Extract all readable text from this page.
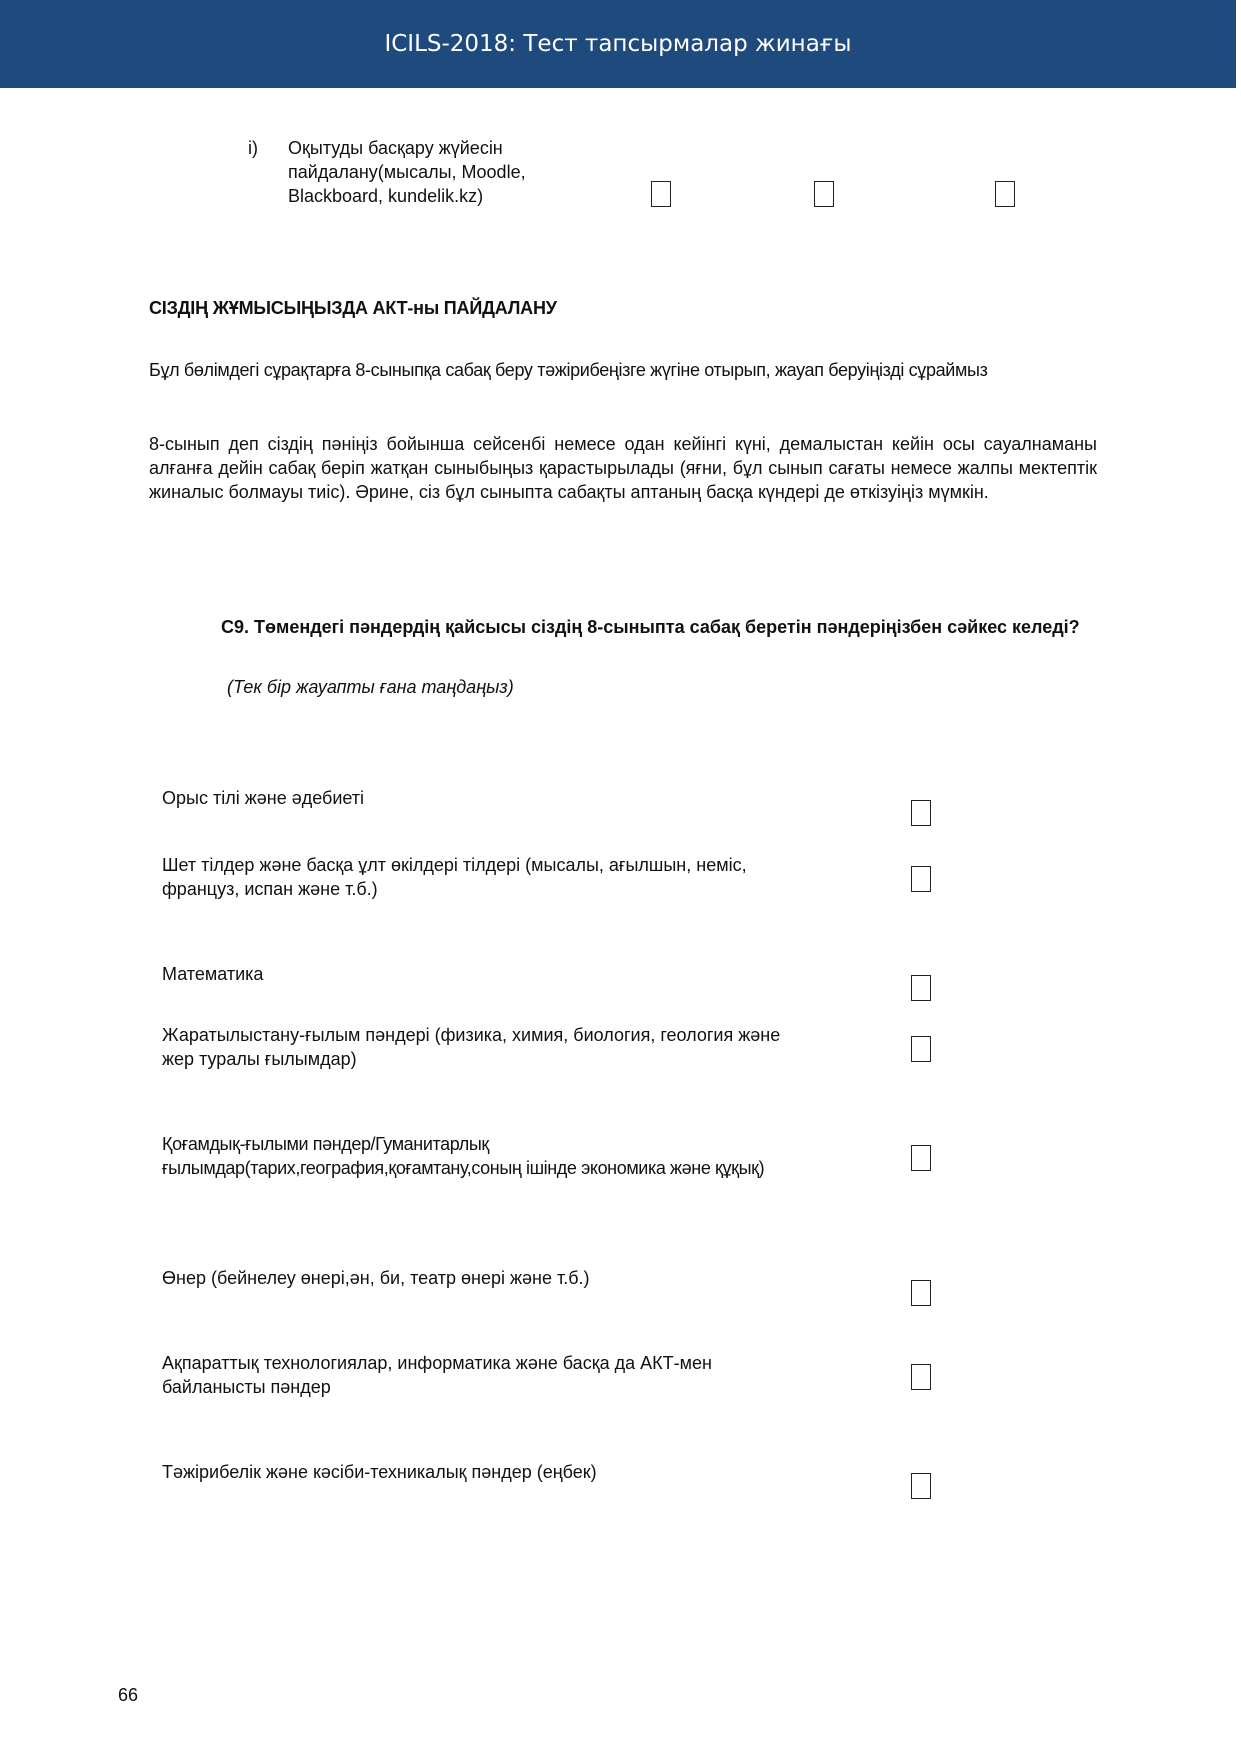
ICILS-2018: Тест тапсырмалар жинағы
i) Оқытуды басқару жүйесін
пайдалану(мысалы, Moodle,
Blackboard, kundelik.kz)
СІЗДІҢ ЖҰМЫСЫҢЫЗДА АКТ-ны ПАЙДАЛАНУ
Бұл бөлімдегі сұрақтарға 8-сыныпқа сабақ беру тәжірибеңізге жүгіне отырып, жауап беруіңізді сұраймыз
8-сынып деп сіздің пәніңіз бойынша сейсенбі немесе одан кейінгі күні, демалыстан кейін осы сауалнаманы алғанға дейін сабақ беріп жатқан сыныбыңыз қарастырылады (яғни, бұл сынып сағаты немесе жалпы мектептік жиналыс болмауы тиіс). Әрине, сіз бұл сыныпта сабақты аптаның басқа күндері де өткізуіңіз мүмкін.
С9. Төмендегі пәндердің қайсысы сіздің 8-сыныпта сабақ беретін пәндеріңізбен сәйкес келеді?
(Тек бір жауапты ғана таңдаңыз)
Орыс тілі және әдебиеті
Шет тілдер және басқа ұлт өкілдері тілдері (мысалы, ағылшын, неміс,
француз, испан және т.б.)
Математика
Жаратылыстану-ғылым пәндері (физика, химия, биология, геология және
жер туралы ғылымдар)
Қоғамдық-ғылыми пәндер/Гуманитарлық
ғылымдар(тарих,география,қоғамтану,соның ішінде экономика және құқық)
Өнер (бейнелеу өнері,ән, би, театр өнері және т.б.)
Ақпараттық технологиялар, информатика және басқа да АКТ-мен
байланысты пәндер
Тәжірибелік және кәсіби-техникалық пәндер (еңбек)
66
